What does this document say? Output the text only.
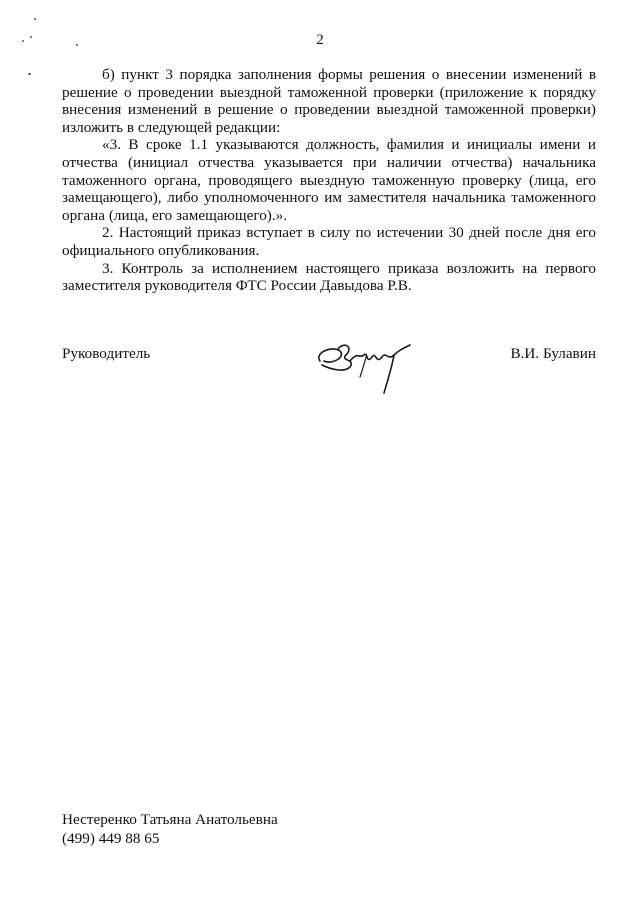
2

б) пункт 3 порядка заполнения формы решения о внесении изменений в решение о проведении выездной таможенной проверки (приложение к порядку внесения изменений в решение о проведении выездной таможенной проверки) изложить в следующей редакции:

«3. В сроке 1.1 указываются должность, фамилия и инициалы имени и отчества (инициал отчества указывается при наличии отчества) начальника таможенного органа, проводящего выездную таможенную проверку (лица, его замещающего), либо уполномоченного им заместителя начальника таможенного органа (лица, его замещающего).».

2. Настоящий приказ вступает в силу по истечении 30 дней после дня его официального опубликования.

3. Контроль за исполнением настоящего приказа возложить на первого заместителя руководителя ФТС России Давыдова Р.В.

Руководитель	В.И. Булавин
Нестеренко Татьяна Анатольевна
(499) 449 88 65
